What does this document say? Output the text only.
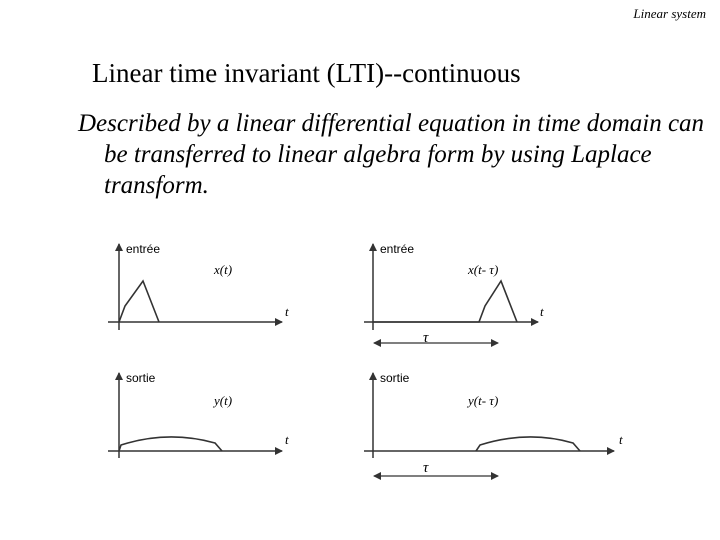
Linear system
Linear time invariant (LTI)--continuous
Described by a linear differential equation in time domain can be transferred to linear algebra form by using Laplace transform.
entrée
x(t)
t
entrée
x(t- τ)
t
τ
sortie
y(t)
t
sortie
y(t- τ)
t
τ
